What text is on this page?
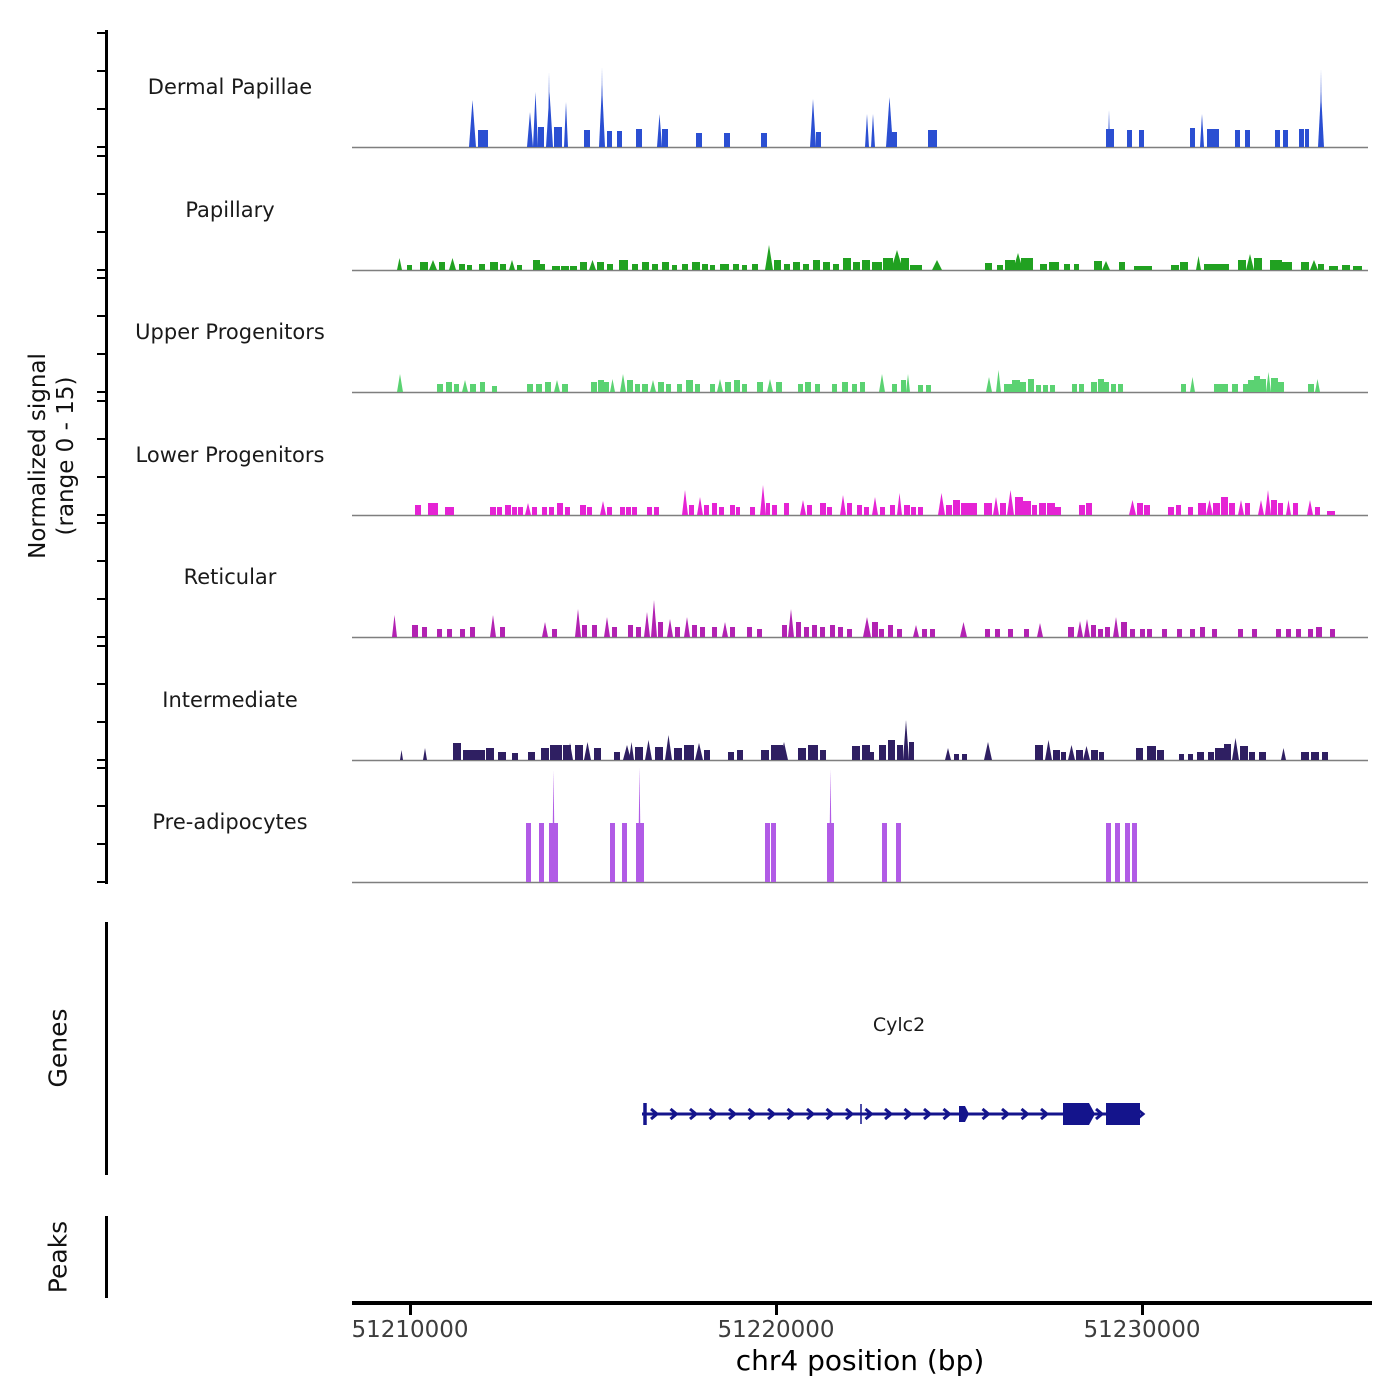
Normalized signal (range 0 - 15)
Dermal Papillae
Papillary
Upper Progenitors
Lower Progenitors
Reticular
Intermediate
Pre-adipocytes
Genes	Cylc2
Peaks
51210000	51220000	51230000
chr4 position (bp)
